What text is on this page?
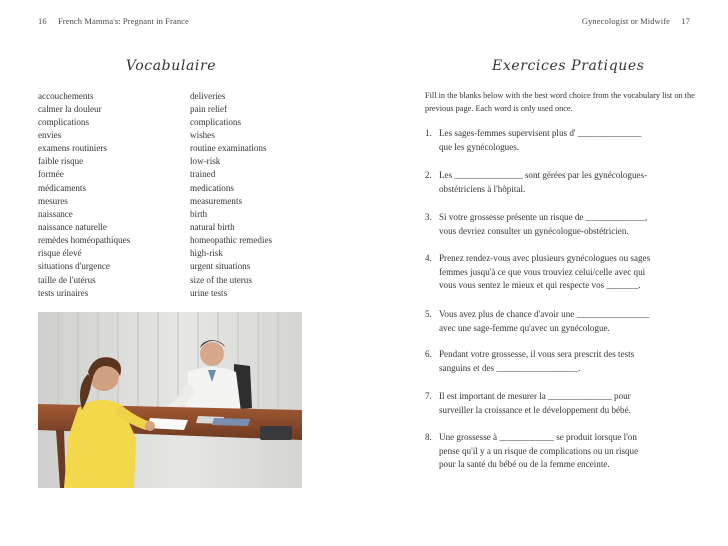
16 French Mamma's: Pregnant in France
Vocabulaire
accouchements	deliveries
calmer la douleur	pain relief
complications	complications
envies	wishes
examens routiniers	routine examinations
faible risque	low-risk
formée	trained
médicaments	medications
mesures	measurements
naissance	birth
naissance naturelle	natural birth
remèdes homéopathiques	homeopathic remedies
risque élevé	high-risk
situations d'urgence	urgent situations
taille de l'utérus	size of the uterus
tests urinaires	urine tests
Gynecologist or Midwife 17
Exercices Pratiques

Fill in the blanks below with the best word choice from the vocabulary list on the previous page. Each word is only used once.

1. Les sages-femmes supervisent plus d' ______________
que les gynécologues.
2. Les _______________ sont gérées par les gynécologues-
obstétriciens à l'hôpital.
3. Si votre grossesse présente un risque de _____________,
vous devriez consulter un gynécologue-obstétricien.
4. Prenez rendez-vous avec plusieurs gynécologues ou sages
femmes jusqu'à ce que vous trouviez celui/celle avec qui
vous vous sentez le mieux et qui respecte vos _______.
5. Vous avez plus de chance d'avoir une ________________
avec une sage-femme qu'avec un gynécologue.
6. Pendant votre grossesse, il vous sera prescrit des tests
sanguins et des __________________.
7. Il est important de mesurer la ______________ pour
surveiller la croissance et le développement du bébé.
8. Une grossesse à ____________ se produit lorsque l'on
pense qu'il y a un risque de complications ou un risque
pour la santé du bébé ou de la femme enceinte.
